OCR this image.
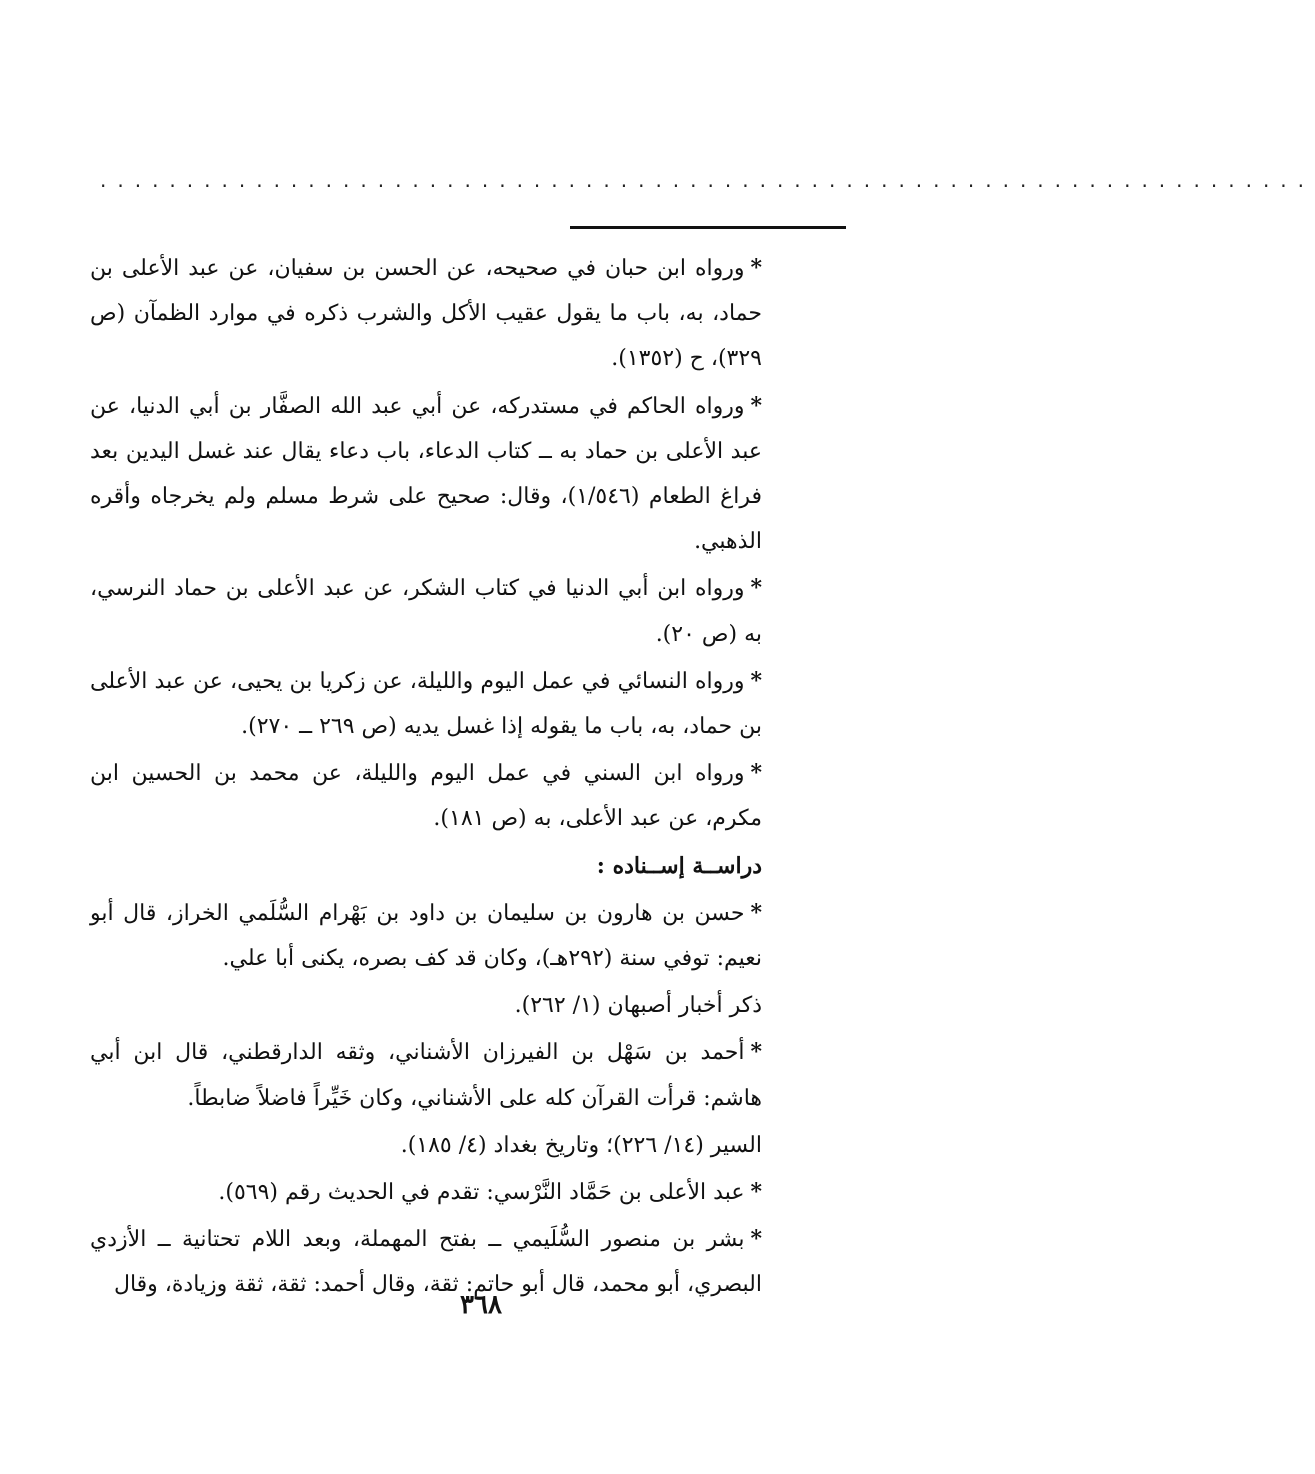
......................................................................

*ورواه ابن حبان في صحيحه، عن الحسن بن سفيان، عن عبد الأعلى بن حماد، به، باب ما يقول عقيب الأكل والشرب ذكره في موارد الظمآن (ص ٣٢٩)، ح (١٣٥٢).

*ورواه الحاكم في مستدركه، عن أبي عبد الله الصفَّار بن أبي الدنيا، عن عبد الأعلى بن حماد به ــ كتاب الدعاء، باب دعاء يقال عند غسل اليدين بعد فراغ الطعام (١/٥٤٦)، وقال: صحيح على شرط مسلم ولم يخرجاه وأقره الذهبي.

*ورواه ابن أبي الدنيا في كتاب الشكر، عن عبد الأعلى بن حماد النرسي، به (ص ٢٠).

*ورواه النسائي في عمل اليوم والليلة، عن زكريا بن يحيى، عن عبد الأعلى بن حماد، به، باب ما يقوله إذا غسل يديه (ص ٢٦٩ ــ ٢٧٠).

*ورواه ابن السني في عمل اليوم والليلة، عن محمد بن الحسين ابن مكرم، عن عبد الأعلى، به (ص ١٨١).

دراســة إســناده :

*حسن بن هارون بن سليمان بن داود بن بَهْرام السُّلَمي الخراز، قال أبو نعيم: توفي سنة (٢٩٢هـ)، وكان قد كف بصره، يكنى أبا علي.

ذكر أخبار أصبهان (١/ ٢٦٢).

*أحمد بن سَهْل بن الفيرزان الأشناني، وثقه الدارقطني، قال ابن أبي هاشم: قرأت القرآن كله على الأشناني، وكان خَيِّراً فاضلاً ضابطاً.

السير (١٤/ ٢٢٦)؛ وتاريخ بغداد (٤/ ١٨٥).

*عبد الأعلى بن حَمَّاد النَّرْسي: تقدم في الحديث رقم (٥٦٩).

*بشر بن منصور السُّلَيمي ــ بفتح المهملة، وبعد اللام تحتانية ــ الأزدي البصري، أبو محمد، قال أبو حاتم: ثقة، وقال أحمد: ثقة، ثقة وزيادة، وقال

٣٦٨
